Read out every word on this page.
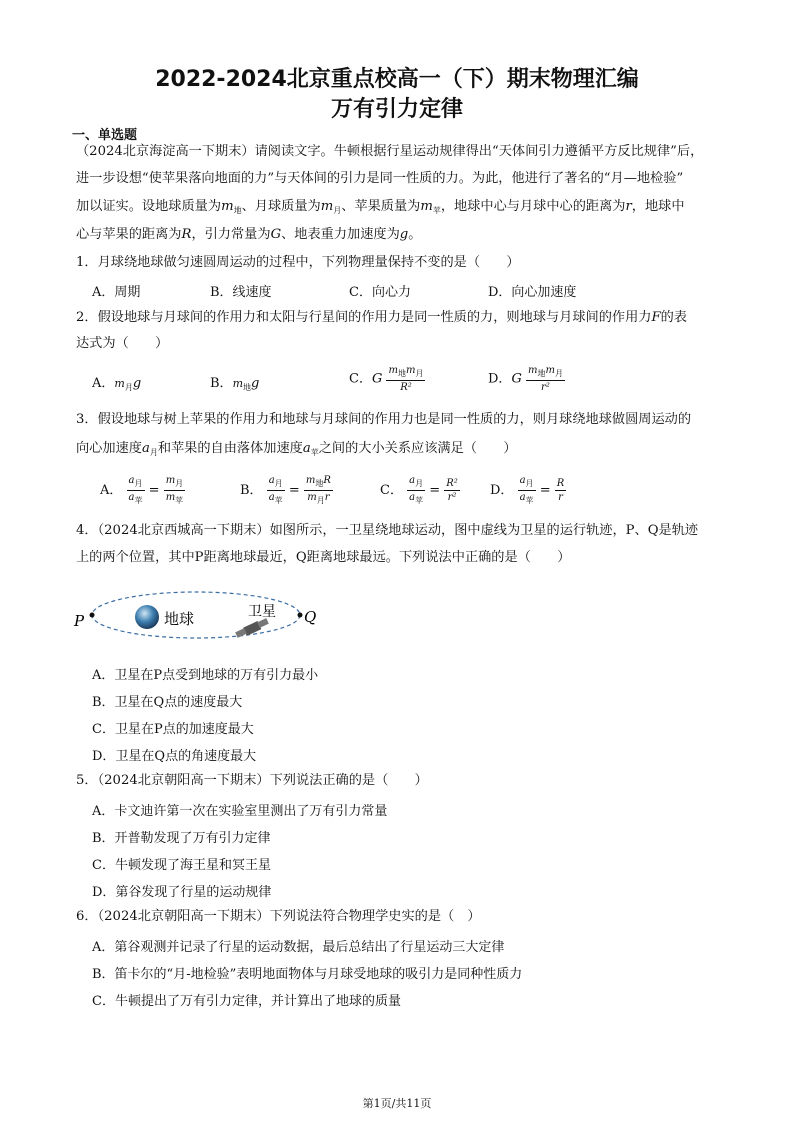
2022-2024北京重点校高一（下）期末物理汇编
万有引力定律
一、单选题
（2024北京海淀高一下期末）请阅读文字。牛顿根据行星运动规律得出“天体间引力遵循平方反比规律”后，
进一步设想“使苹果落向地面的力”与天体间的引力是同一性质的力。为此，他进行了著名的“月—地检验”
加以证实。设地球质量为$m_地$、月球质量为$m_月$、苹果质量为$m_苹$，地球中心与月球中心的距离为r，地球中
心与苹果的距离为R，引力常量为G、地表重力加速度为g。
1．月球绕地球做匀速圆周运动的过程中，下列物理量保持不变的是（　　）
A．周期	B．线速度	C．向心力	D．向心加速度
2．假设地球与月球间的作用力和太阳与行星间的作用力是同一性质的力，则地球与月球间的作用力F的表
达式为（　　）
A．$m_月g$	B．$m_地g$	C．G $\frac{m_地m_月}{\text{R²}}$	D．G $\frac{m_地m_月}{\text{r²}}$
3．假设地球与树上苹果的作用力和地球与月球间的作用力也是同一性质的力，则月球绕地球做圆周运动的
向心加速度$a_月$和苹果的自由落体加速度$a_苹$之间的大小关系应该满足（　　）
A． $\frac{a_月}{a_苹} = \frac{m_月}{m_苹}$	B． $\frac{a_月}{a_苹} = \frac{m_地R}{m_月r}$	C． $\frac{a_月}{a_苹} = \frac{\text{R²}}{\text{r²}}$ D． $\frac{a_月}{a_苹} = \frac{R}{r}$
4．（2024北京西城高一下期末）如图所示，一卫星绕地球运动，图中虚线为卫星的运行轨迹，P、Q是轨迹
上的两个位置，其中P距离地球最近，Q距离地球最远。下列说法中正确的是（　　）
P	Q
地球	卫星
A．卫星在P点受到地球的万有引力最小
B．卫星在Q点的速度最大
C．卫星在P点的加速度最大
D．卫星在Q点的角速度最大
5．（2024北京朝阳高一下期末）下列说法正确的是（　　）
A．卡文迪许第一次在实验室里测出了万有引力常量
B．开普勒发现了万有引力定律
C．牛顿发现了海王星和冥王星
D．第谷发现了行星的运动规律
6．（2024北京朝阳高一下期末）下列说法符合物理学史实的是（　）
A．第谷观测并记录了行星的运动数据，最后总结出了行星运动三大定律
B．笛卡尔的“月-地检验”表明地面物体与月球受地球的吸引力是同种性质力
C．牛顿提出了万有引力定律，并计算出了地球的质量
第1页/共11页
